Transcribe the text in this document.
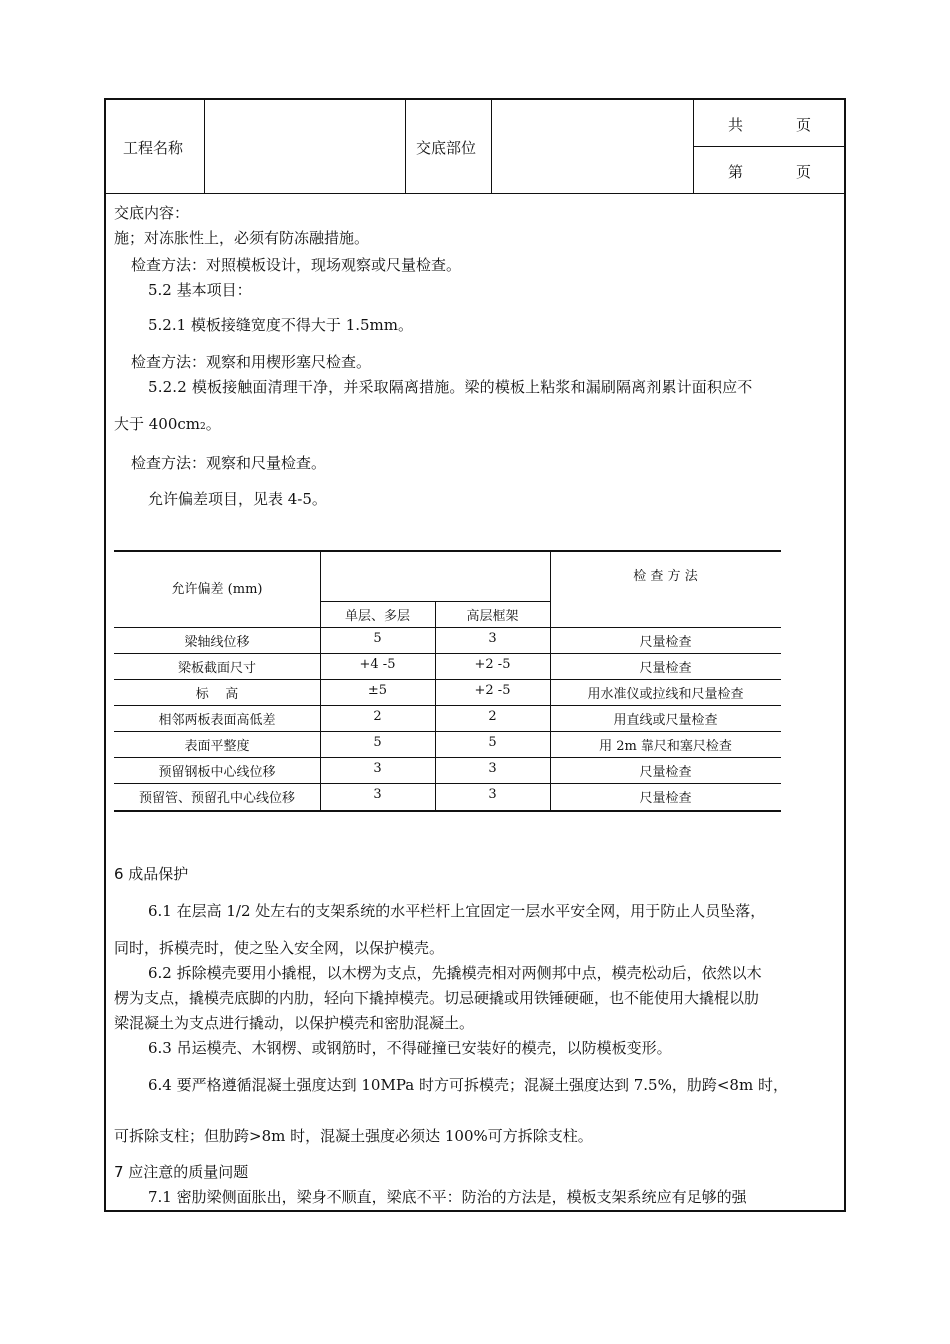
工程名称	交底部位
共	页
第	页
交底内容：
施；对冻胀性上，必须有防冻融措施。
检查方法：对照模板设计，现场观察或尺量检查。
5.2 基本项目：
5.2.1 模板接缝宽度不得大于 1.5mm。
检查方法：观察和用楔形塞尺检查。
5.2.2 模板接触面清理干净，并采取隔离措施。梁的模板上粘浆和漏刷隔离剂累计面积应不
大于 400cm2。
检查方法：观察和尺量检查。
允许偏差项目，见表 4-5。
允许偏差 (mm)
单层、多层	高层框架
检 查 方 法
梁轴线位移	5	3	尺量检查
梁板截面尺寸	+4 -5	+2 -5	尺量检查
标    高	±5	+2 -5	用水准仪或拉线和尺量检查
相邻两板表面高低差	2	2	用直线或尺量检查
表面平整度	5	5	用 2m 靠尺和塞尺检查
预留钢板中心线位移	3	3	尺量检查
预留管、预留孔中心线位移	3	3	尺量检查
6 成品保护
6.1 在层高 1/2 处左右的支架系统的水平栏杆上宜固定一层水平安全网，用于防止人员坠落，
同时，拆模壳时，使之坠入安全网，以保护模壳。
6.2 拆除模壳要用小撬棍，以木楞为支点，先撬模壳相对两侧邦中点，模壳松动后，依然以木
楞为支点，撬模壳底脚的内肋，轻向下撬掉模壳。切忌硬撬或用铁锤硬砸，也不能使用大撬棍以肋
梁混凝土为支点进行撬动，以保护模壳和密肋混凝土。
6.3 吊运模壳、木钢楞、或钢筋时，不得碰撞已安装好的模壳，以防模板变形。
6.4 要严格遵循混凝土强度达到 10MPa 时方可拆模壳；混凝土强度达到 7.5%，肋跨<8m 时，
可拆除支柱；但肋跨>8m 时，混凝土强度必须达 100%可方拆除支柱。
7 应注意的质量问题
7.1 密肋梁侧面胀出，梁身不顺直，梁底不平：防治的方法是，模板支架系统应有足够的强
